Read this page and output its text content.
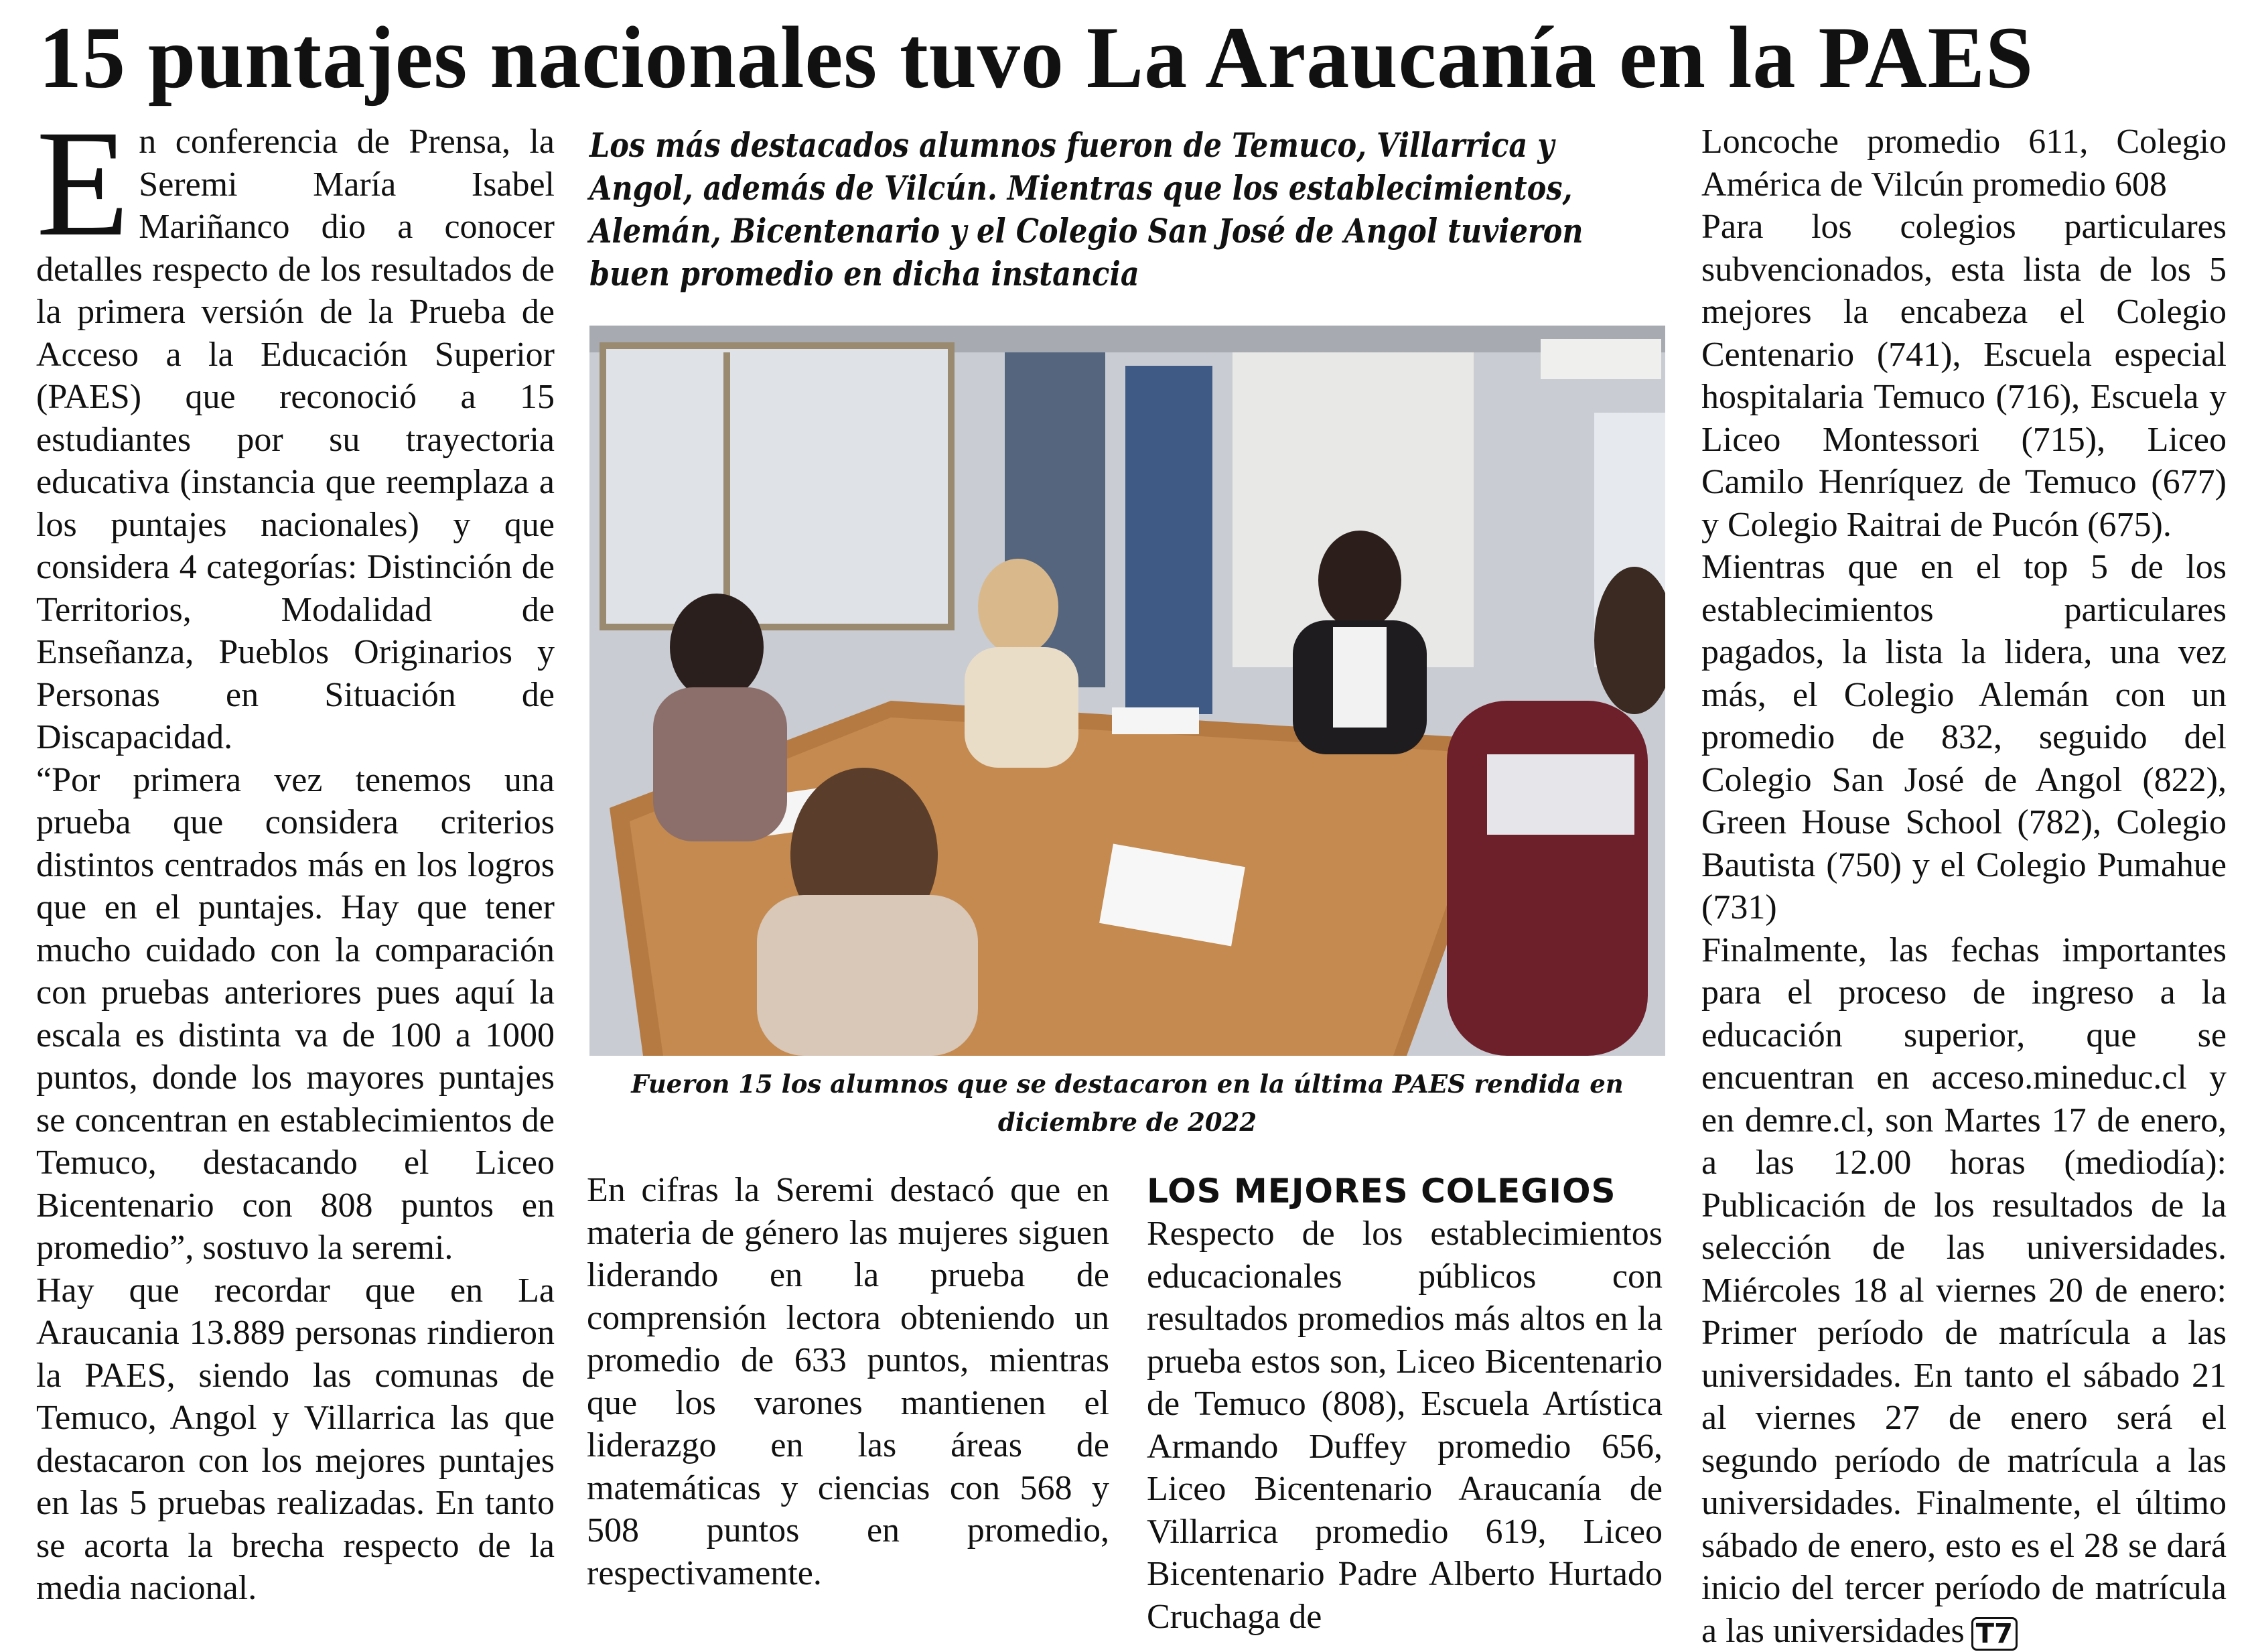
15 puntajes nacionales tuvo La Araucanía en la PAES

En conferencia de Prensa, la Seremi María Isabel Mariñanco dio a conocer detalles respecto de los resultados de la primera versión de la Prueba de Acceso a la Educación Superior (PAES) que reconoció a 15 estudiantes por su trayectoria educativa (instancia que reemplaza a los puntajes nacionales) y que considera 4 categorías: Distinción de Territorios, Modalidad de Enseñanza, Pueblos Originarios y Personas en Situación de Discapacidad.

“Por primera vez tenemos una prueba que considera criterios distintos centrados más en los logros que en el puntajes. Hay que tener mucho cuidado con la comparación con pruebas anteriores pues aquí la escala es distinta va de 100 a 1000 puntos, donde los mayores puntajes se concentran en establecimientos de Temuco, destacando el Liceo Bicentenario con 808 puntos en promedio”, sostuvo la seremi.

Hay que recordar que en La Araucania 13.889 personas rindieron la PAES, siendo las comunas de Temuco, Angol y Villarrica las que destacaron con los mejores puntajes en las 5 pruebas realizadas. En tanto se acorta la brecha respecto de la media nacional.

Los más destacados alumnos fueron de Temuco, Villarrica y Angol, además de Vilcún. Mientras que los establecimientos, Alemán, Bicentenario y el Colegio San José de Angol tuvieron buen promedio en dicha instancia

Fueron 15 los alumnos que se destacaron en la última PAES rendida en diciembre de 2022

En cifras la Seremi destacó que en materia de género las mujeres siguen liderando en la prueba de comprensión lectora obteniendo un promedio de 633 puntos, mientras que los varones mantienen el liderazgo en las áreas de matemáticas y ciencias con 568 y 508 puntos en promedio, respectivamente.

LOS MEJORES COLEGIOS

Respecto de los establecimientos educacionales públicos con resultados promedios más altos en la prueba estos son, Liceo Bicentenario de Temuco (808), Escuela Artística Armando Duffey promedio 656, Liceo Bicentenario Araucanía de Villarrica promedio 619, Liceo Bicentenario Padre Alberto Hurtado Cruchaga de

Loncoche promedio 611, Colegio América de Vilcún promedio 608

Para los colegios particulares subvencionados, esta lista de los 5 mejores la encabeza el Colegio Centenario (741), Escuela especial hospitalaria Temuco (716), Escuela y Liceo Montessori (715), Liceo Camilo Henríquez de Temuco (677) y Colegio Raitrai de Pucón (675).

Mientras que en el top 5 de los establecimientos particulares pagados, la lista la lidera, una vez más, el Colegio Alemán con un promedio de 832, seguido del Colegio San José de Angol (822), Green House School (782), Colegio Bautista (750) y el Colegio Pumahue (731)

Finalmente, las fechas importantes para el proceso de ingreso a la educación superior, que se encuentran en acceso.mineduc.cl y en demre.cl, son Martes 17 de enero, a las 12.00 horas (mediodía): Publicación de los resultados de la selección de las universidades. Miércoles 18 al viernes 20 de enero: Primer período de matrícula a las universidades. En tanto el sábado 21 al viernes 27 de enero será el segundo período de matrícula a las universidades. Finalmente, el último sábado de enero, esto es el 28 se dará inicio del tercer período de matrícula a las universidades T7
